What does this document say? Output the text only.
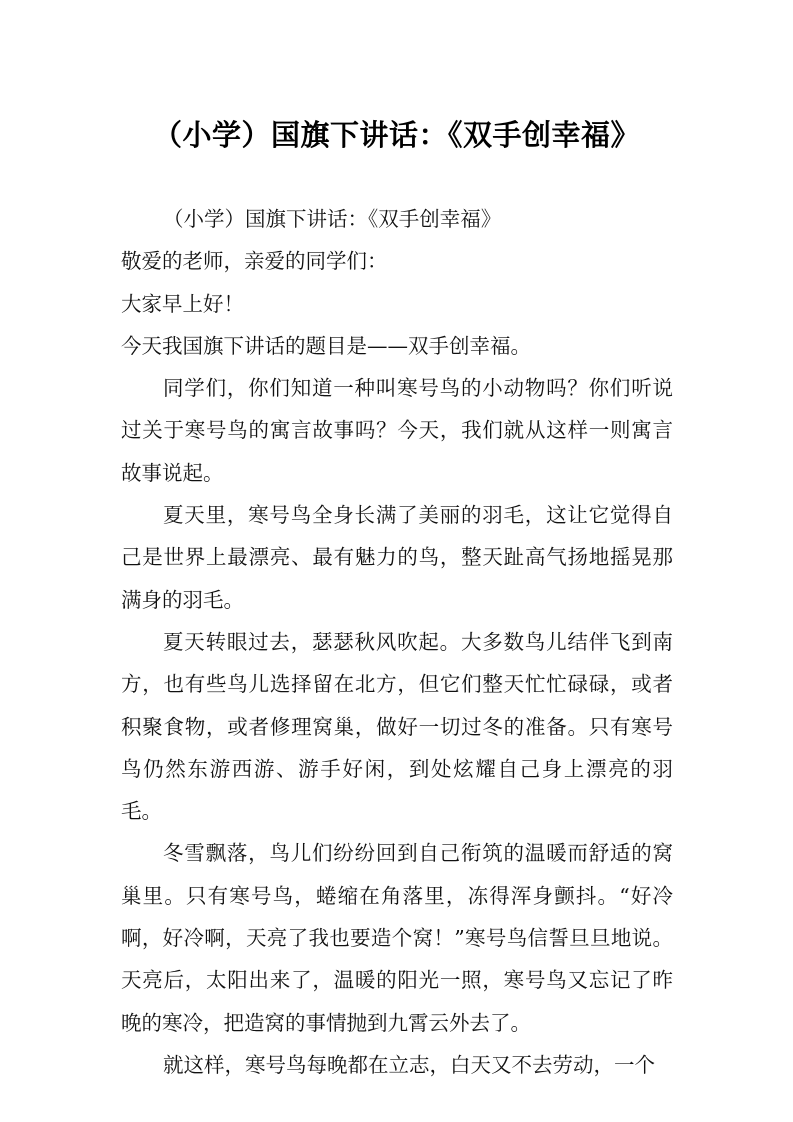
（小学）国旗下讲话：《双手创幸福》

（小学）国旗下讲话：《双手创幸福》

敬爱的老师，亲爱的同学们：

大家早上好！

今天我国旗下讲话的题目是——双手创幸福。

同学们，你们知道一种叫寒号鸟的小动物吗？你们听说过关于寒号鸟的寓言故事吗？今天，我们就从这样一则寓言故事说起。

夏天里，寒号鸟全身长满了美丽的羽毛，这让它觉得自己是世界上最漂亮、最有魅力的鸟，整天趾高气扬地摇晃那满身的羽毛。

夏天转眼过去，瑟瑟秋风吹起。大多数鸟儿结伴飞到南方，也有些鸟儿选择留在北方，但它们整天忙忙碌碌，或者积聚食物，或者修理窝巢，做好一切过冬的准备。只有寒号鸟仍然东游西游、游手好闲，到处炫耀自己身上漂亮的羽毛。

冬雪飘落，鸟儿们纷纷回到自己衔筑的温暖而舒适的窝巢里。只有寒号鸟，蜷缩在角落里，冻得浑身颤抖。“好冷啊，好冷啊，天亮了我也要造个窝！”寒号鸟信誓旦旦地说。天亮后，太阳出来了，温暖的阳光一照，寒号鸟又忘记了昨晚的寒冷，把造窝的事情抛到九霄云外去了。

就这样，寒号鸟每晚都在立志，白天又不去劳动，一个
